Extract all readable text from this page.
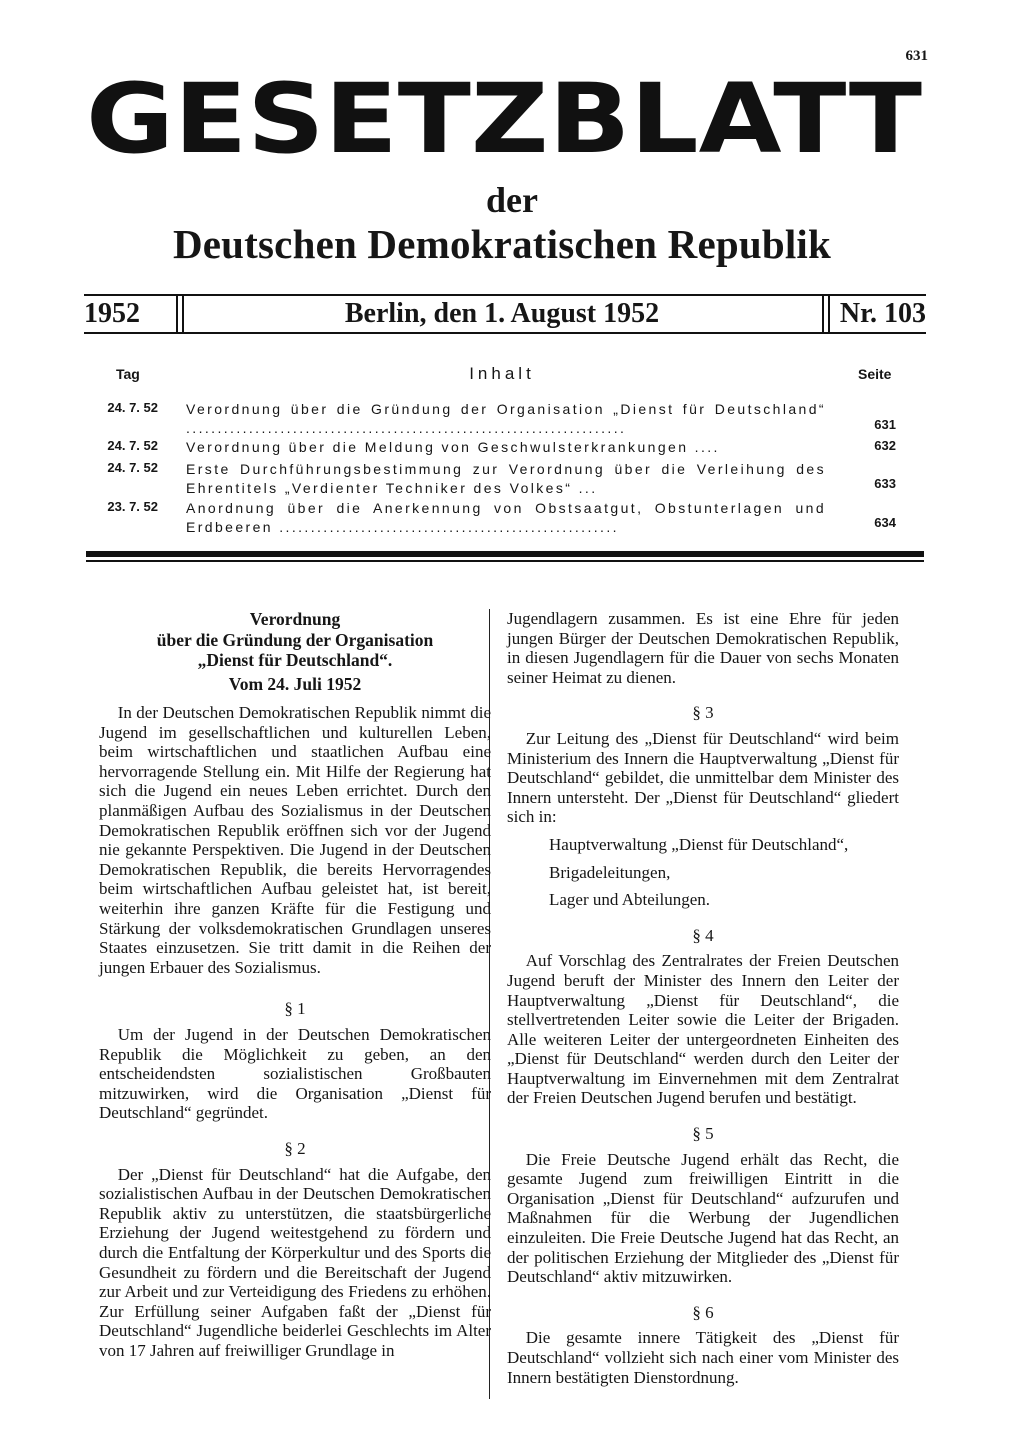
631
GESETZBLATT
der
Deutschen Demokratischen Republik
1952	Berlin, den 1. August 1952	Nr. 103
Tag	Inhalt	Seite
24. 7. 52 Verordnung über die Gründung der Organisation „Dienst für Deutschland“ ......................................................................	631
24. 7. 52 Verordnung über die Meldung von Geschwulsterkrankungen ....	632
24. 7. 52 Erste Durchführungsbestimmung zur Verordnung über die Verleihung des Ehrentitels „Verdienter Techniker des Volkes“ ...	633
23. 7. 52 Anordnung über die Anerkennung von Obstsaatgut, Obstunterlagen und Erdbeeren ......................................................	634
Verordnung
über die Gründung der Organisation
„Dienst für Deutschland“.
Vom 24. Juli 1952

In der Deutschen Demokratischen Republik nimmt die Jugend im gesellschaftlichen und kulturellen Leben, beim wirtschaftlichen und staatlichen Aufbau eine hervorragende Stellung ein. Mit Hilfe der Regierung hat sich die Jugend ein neues Leben errichtet. Durch den planmäßigen Aufbau des Sozialismus in der Deutschen Demokratischen Republik eröffnen sich vor der Jugend nie gekannte Perspektiven. Die Jugend in der Deutschen Demokratischen Republik, die bereits Hervorragendes beim wirtschaftlichen Aufbau geleistet hat, ist bereit, weiterhin ihre ganzen Kräfte für die Festigung und Stärkung der volksdemokratischen Grundlagen unseres Staates einzusetzen. Sie tritt damit in die Reihen der jungen Erbauer des Sozialismus.

§ 1

Um der Jugend in der Deutschen Demokratischen Republik die Möglichkeit zu geben, an den entscheidendsten sozialistischen Großbauten mitzuwirken, wird die Organisation „Dienst für Deutschland“ gegründet.

§ 2

Der „Dienst für Deutschland“ hat die Aufgabe, den sozialistischen Aufbau in der Deutschen Demokratischen Republik aktiv zu unterstützen, die staatsbürgerliche Erziehung der Jugend weitestgehend zu fördern und durch die Entfaltung der Körperkultur und des Sports die Gesundheit zu fördern und die Bereitschaft der Jugend zur Arbeit und zur Verteidigung des Friedens zu erhöhen. Zur Erfüllung seiner Aufgaben faßt der „Dienst für Deutschland“ Jugendliche beiderlei Geschlechts im Alter von 17 Jahren auf freiwilliger Grundlage in

Jugendlagern zusammen. Es ist eine Ehre für jeden jungen Bürger der Deutschen Demokratischen Republik, in diesen Jugendlagern für die Dauer von sechs Monaten seiner Heimat zu dienen.

§ 3

Zur Leitung des „Dienst für Deutschland“ wird beim Ministerium des Innern die Hauptverwaltung „Dienst für Deutschland“ gebildet, die unmittelbar dem Minister des Innern untersteht. Der „Dienst für Deutschland“ gliedert sich in:

Hauptverwaltung „Dienst für Deutschland“,
Brigadeleitungen,
Lager und Abteilungen.
§ 4

Auf Vorschlag des Zentralrates der Freien Deutschen Jugend beruft der Minister des Innern den Leiter der Hauptverwaltung „Dienst für Deutschland“, die stellvertretenden Leiter sowie die Leiter der Brigaden. Alle weiteren Leiter der untergeordneten Einheiten des „Dienst für Deutschland“ werden durch den Leiter der Hauptverwaltung im Einvernehmen mit dem Zentralrat der Freien Deutschen Jugend berufen und bestätigt.

§ 5

Die Freie Deutsche Jugend erhält das Recht, die gesamte Jugend zum freiwilligen Eintritt in die Organisation „Dienst für Deutschland“ aufzurufen und Maßnahmen für die Werbung der Jugendlichen einzuleiten. Die Freie Deutsche Jugend hat das Recht, an der politischen Erziehung der Mitglieder des „Dienst für Deutschland“ aktiv mitzuwirken.

§ 6

Die gesamte innere Tätigkeit des „Dienst für Deutschland“ vollzieht sich nach einer vom Minister des Innern bestätigten Dienstordnung.
